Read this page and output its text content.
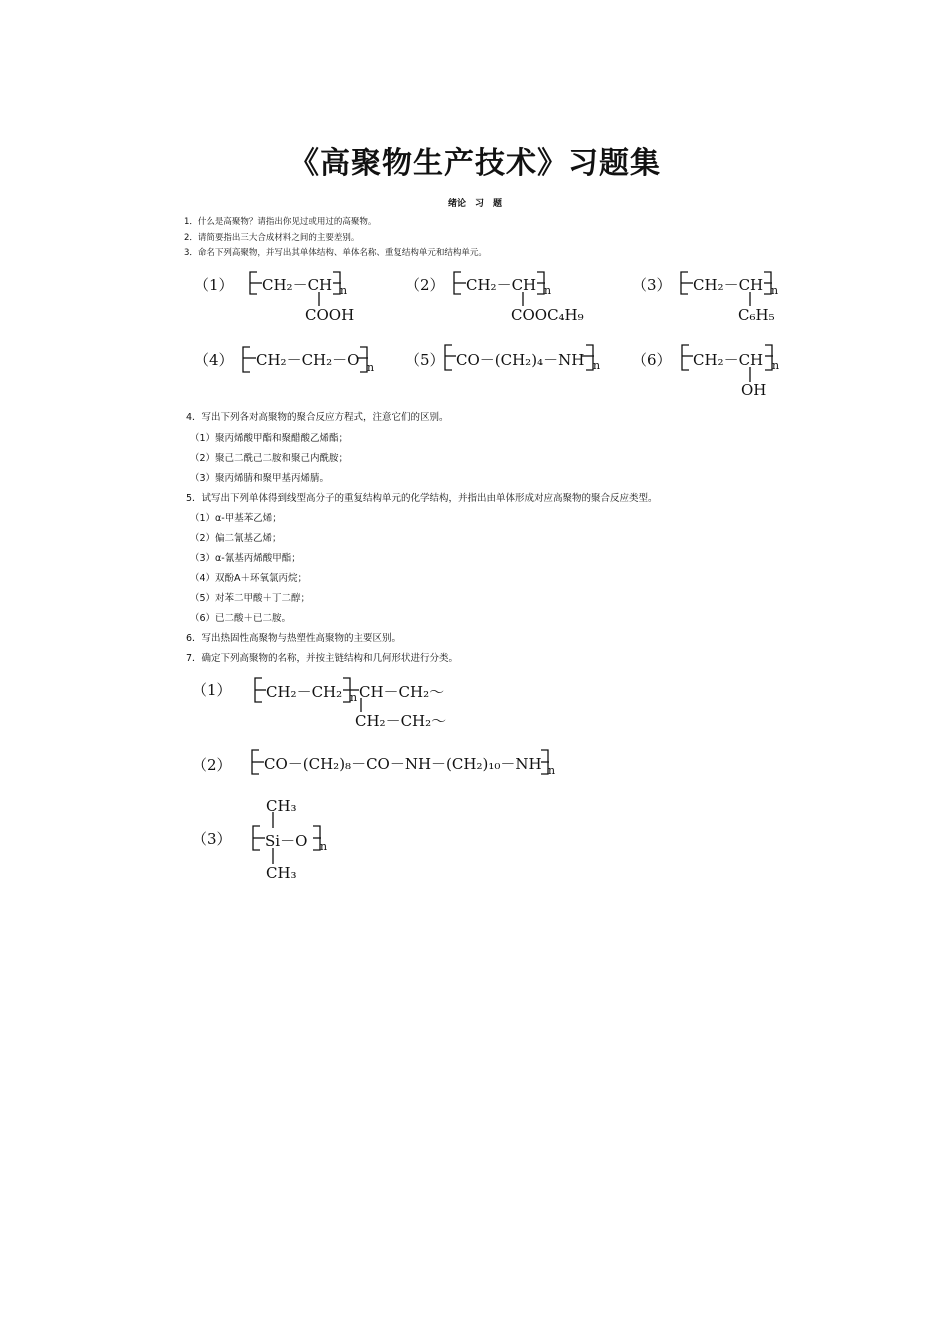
《高聚物生产技术》习题集
绪论　习　题
1．什么是高聚物？请指出你见过或用过的高聚物。
2．请简要指出三大合成材料之间的主要差别。
3．命名下列高聚物，并写出其单体结构、单体名称、重复结构单元和结构单元。
（1） CH₂－CH n
COOH
（2） CH₂－CH n
COOC₄H₉
（3） CH₂－CH n
C₆H₅
（4） CH₂－CH₂－O n （5） CO－(CH₂)₄－NH n （6） CH₂－CH n
OH
4．写出下列各对高聚物的聚合反应方程式，注意它们的区别。
（1）聚丙烯酸甲酯和聚醋酸乙烯酯；
（2）聚己二酰己二胺和聚己内酰胺；
（3）聚丙烯腈和聚甲基丙烯腈。
5．试写出下列单体得到线型高分子的重复结构单元的化学结构，并指出由单体形成对应高聚物的聚合反应类型。
（1）α-甲基苯乙烯；
（2）偏二氰基乙烯；
（3）α-氰基丙烯酸甲酯；
（4）双酚A＋环氧氯丙烷；
（5）对苯二甲酸＋丁二醇；
（6）已二酸＋已二胺。
6．写出热固性高聚物与热塑性高聚物的主要区别。
7．确定下列高聚物的名称，并按主链结构和几何形状进行分类。
（1） CH₂－CH₂ n CH－CH₂～
CH₂－CH₂～
（2） CO－(CH₂)₈－CO－NH－(CH₂)₁₀－NH n
（3）
CH₃
Si－O n
CH₃
